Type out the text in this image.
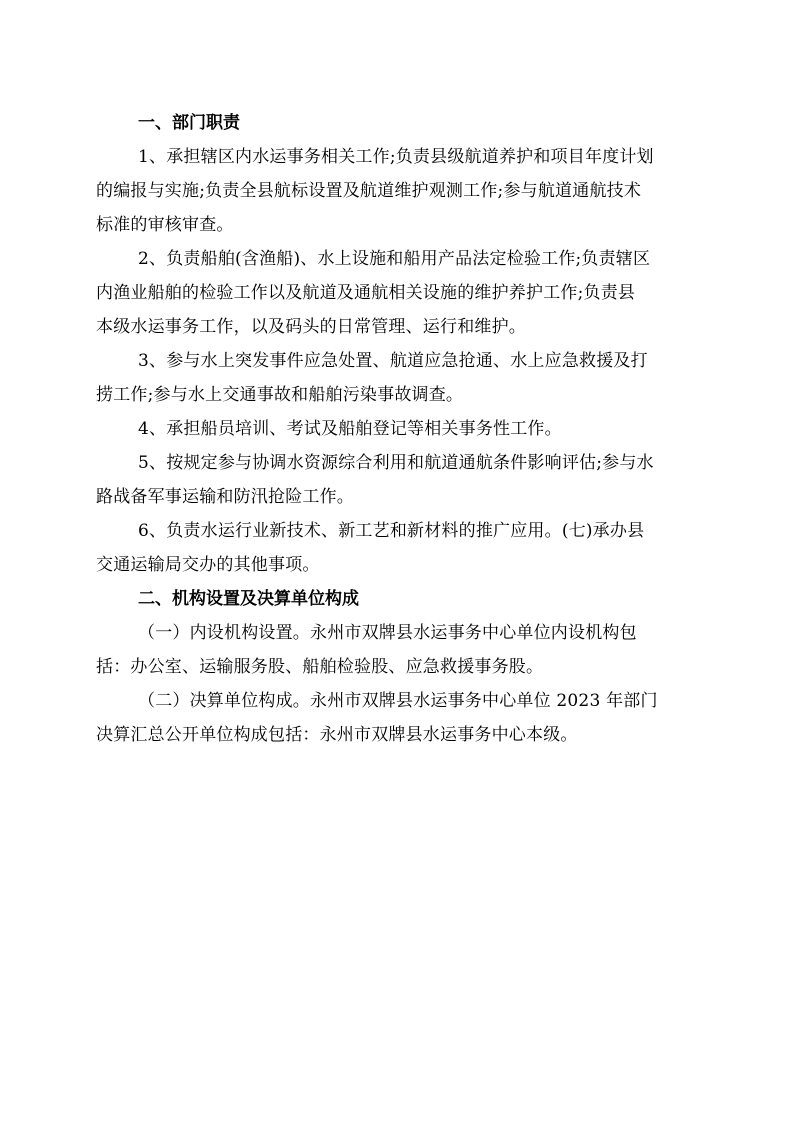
一、部门职责

1、承担辖区内水运事务相关工作;负责县级航道养护和项目年度计划
的编报与实施;负责全县航标设置及航道维护观测工作;参与航道通航技术
标准的审核审查。

2、负责船舶(含渔船)、水上设施和船用产品法定检验工作;负责辖区
内渔业船舶的检验工作以及航道及通航相关设施的维护养护工作;负责县
本级水运事务工作，以及码头的日常管理、运行和维护。

3、参与水上突发事件应急处置、航道应急抢通、水上应急救援及打
捞工作;参与水上交通事故和船舶污染事故调查。

4、承担船员培训、考试及船舶登记等相关事务性工作。

5、按规定参与协调水资源综合利用和航道通航条件影响评估;参与水
路战备军事运输和防汛抢险工作。

6、负责水运行业新技术、新工艺和新材料的推广应用。(七)承办县
交通运输局交办的其他事项。

二、机构设置及决算单位构成

（一）内设机构设置。永州市双牌县水运事务中心单位内设机构包
括：办公室、运输服务股、船舶检验股、应急救援事务股。

（二）决算单位构成。永州市双牌县水运事务中心单位 2023 年部门
决算汇总公开单位构成包括：永州市双牌县水运事务中心本级。
